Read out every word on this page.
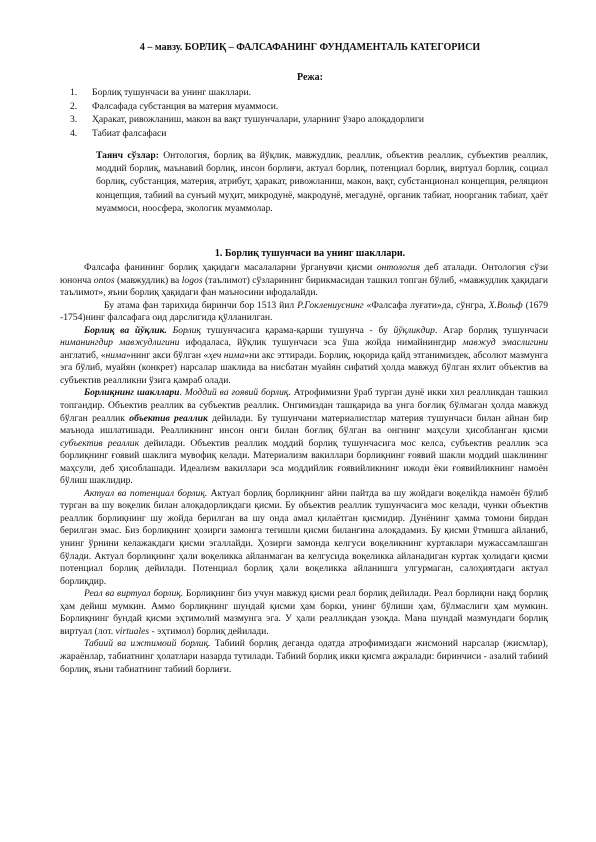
4 – мавзу. БОРЛИҚ – ФАЛСАФАНИНГ ФУНДАМЕНТАЛЬ КАТЕГОРИСИ
Режа:
1. Борлиқ тушунчаси ва унинг шакллари.
2. Фалсафада субстанция ва материя муаммоси.
3. Ҳаракат, ривожланиш, макон ва вақт тушунчалари, уларнинг ўзаро алоқадорлиги
4. Табиат фалсафаси
Таянч сўзлар: Онтология, борлиқ ва йўқлик, мавжудлик, реаллик, объектив реаллик, субъектив реаллик, моддий борлиқ, маънавий борлиқ, инсон борлиғи, актуал борлиқ, потенциал борлиқ, виртуал борлиқ, социал борлиқ, субстанция, материя, атрибут, ҳаракат, ривожланиш, макон, вақт, субстанционал концепция, реляцион концепция, табиий ва сунъий муҳит, микродунё, макродунё, мегадунё, органик табиат, ноорганик табиат, ҳаёт муаммоси, ноосфера, экологик муаммолар.
1. Борлиқ тушунчаси ва унинг шакллари.

Фалсафа фанининг борлиқ ҳақидаги масалаларни ўрганувчи қисми онтология деб аталади. Онтология сўзи юнонча ontos (мавжудлик) ва logos (таълимот) сўзларининг бирикмасидан ташкил топган бўлиб, «мавжудлик ҳақидаги таълимот», яъни борлиқ ҳақидаги фан маъносини ифодалайди.

Бу атама фан тарихида биринчи бор 1513 йил Р.Гоклениуснинг «Фалсафа луғати»да, сўнгра, Х.Вольф (1679 -1754)нинг фалсафага оид дарслигида қўлланилган.

Борлиқ ва йўқлик. Борлиқ тушунчасига қарама-қарши тушунча - бу йўқликдир. Агар борлиқ тушунчаси ниманингдир мавжудлигини ифодаласа, йўқлик тушунчаси эса ўша жойда нимайнингдир мавжуд эмаслигини англатиб, «нима»нинг акси бўлган «ҳеч нима»ни акс эттиради. Борлиқ, юқорида қайд этганимиздек, абсолют мазмунга эга бўлиб, муайян (конкрет) нарсалар шаклида ва нисбатан муайян сифатий ҳолда мавжуд бўлган яхлит объектив ва субъектив реалликни ўзига қамраб олади.

Борлиқнинг шакллари. Моддий ва ғоявий борлиқ. Атрофимизни ўраб турган дунё икки хил реалликдан ташкил топгандир. Объектив реаллик ва субъектив реаллик. Онгимиздан ташқарида ва унга боғлиқ бўлмаган ҳолда мавжуд бўлган реаллик объектив реаллик дейилади. Бу тушунчани материалистлар материя тушунчаси билан айнан бир маънода ишлатишади. Реалликнинг инсон онги билан боғлиқ бўлган ва онгнинг маҳсули ҳисобланган қисми субъектив реаллик дейилади. Объектив реаллик моддий борлиқ тушунчасига мос келса, субъектив реаллик эса борлиқнинг ғоявий шаклига мувофиқ келади. Материализм вакиллари борлиқнинг ғоявий шакли моддий шаклининг маҳсули, деб ҳисоблашади. Идеализм вакиллари эса моддийлик ғоявийликнинг ижоди ёки ғоявийликнинг намоён бўлиш шаклидир.

Актуал ва потенциал борлиқ. Актуал борлиқ борлиқнинг айни пайтда ва шу жойдаги воқелikда намоён бўлиб турган ва шу воқелик билан алоқадорликдаги қисми. Бу объектив реаллик тушунчасига мос келади, чунки объектив реаллик борлиқнинг шу жойда берилган ва шу онда амал қилаётган қисмидир. Дунёнинг ҳамма томони бирдан берилган эмас. Биз борлиқнинг ҳозирги замонга тегишли қисми билангина алоқадамиз. Бу қисми ўтмишга айланиб, унинг ўрнини келажакдаги қисми эгаллайди. Ҳозирги замонда келгуси воқеликнинг куртаклари мужассамлашган бўлади. Актуал борлиқнинг ҳали воқеликка айланмаган ва келгусида воқеликка айланадиган куртак ҳолидаги қисми потенциал борлиқ дейилади. Потенциал борлиқ ҳали воқеликка айланишга улгурмаган, салоҳиятдаги актуал борлиқдир.

Реал ва виртуал борлиқ. Борлиқнинг биз учун мавжуд қисми реал борлиқ дейилади. Реал борлиқни нақд борлиқ ҳам дейиш мумкин. Аммо борлиқнинг шундай қисми ҳам борки, унинг бўлиши ҳам, бўлмаслиги ҳам мумкин. Борлиқнинг бундай қисми эҳтимолий мазмунга эга. У ҳали реалликдан узоқда. Мана шундай мазмундаги борлиқ виртуал (лот. virtuales - эҳтимол) борлиқ дейилади.

Табиий ва ижтимоий борлиқ. Табиий борлиқ деганда одатда атрофимиздаги жисмоний нарсалар (жисмлар), жараёнлар, табиатнинг ҳолатлари назарда тутилади. Табиий борлиқ икки қисмга ажралади: биринчиси - азалий табиий борлиқ, яъни табиатнинг табиий борлиғи.
